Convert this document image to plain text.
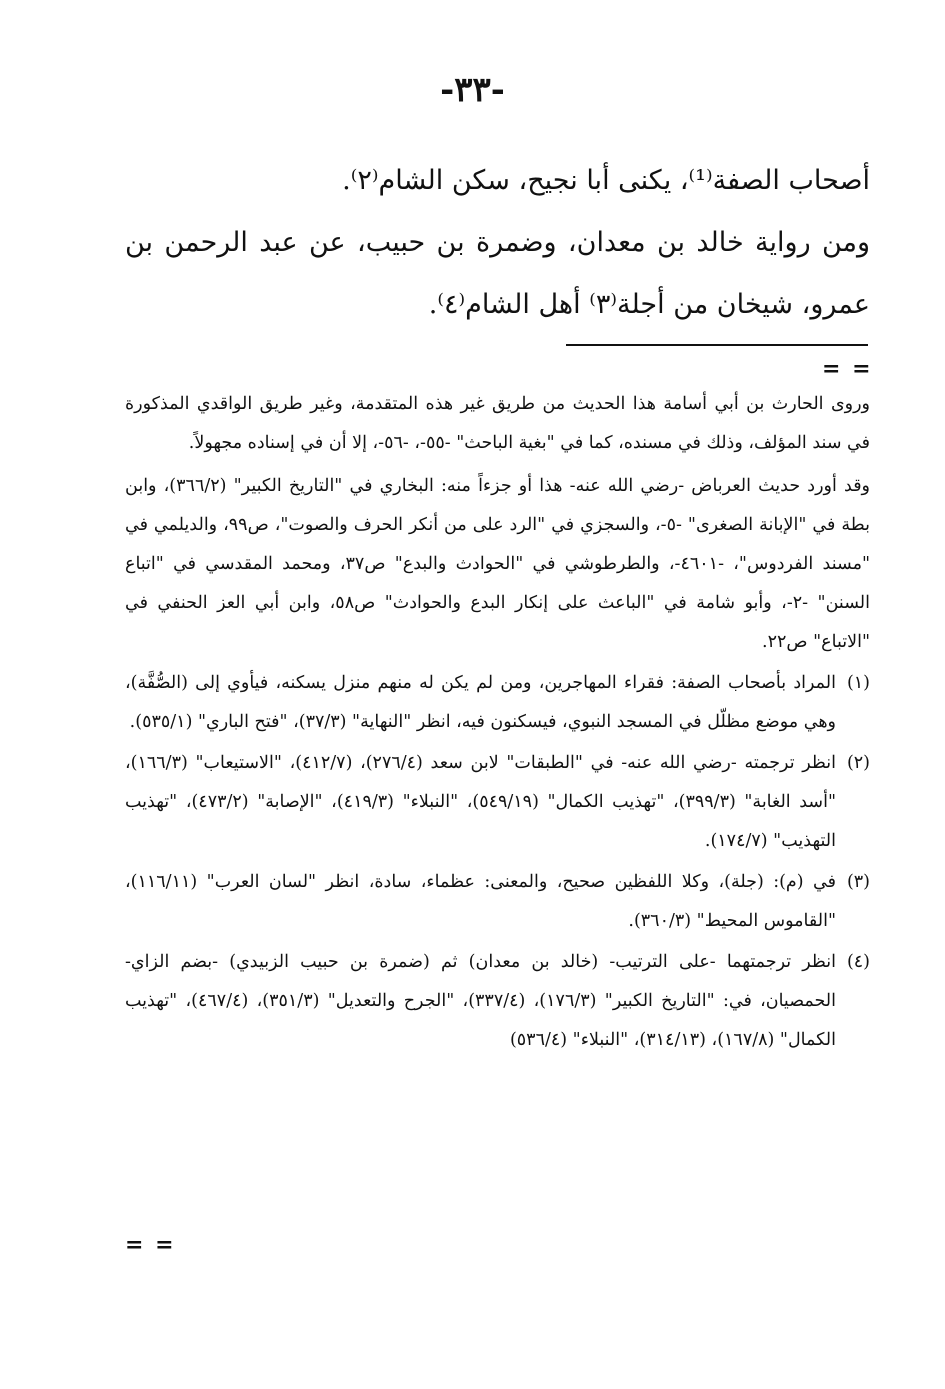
-٣٣-

أصحاب الصفة⁽¹⁾، يكنى أبا نجيح، سكن الشام⁽٢⁾.

ومن رواية خالد بن معدان، وضمرة بن حبيب، عن عبد الرحمن بن عمرو، شيخان من أجلة⁽٣⁾ أهل الشام⁽٤⁾.

= =

وروى الحارث بن أبي أسامة هذا الحديث من طريق غير هذه المتقدمة، وغير طريق الواقدي المذكورة في سند المؤلف، وذلك في مسنده، كما في "بغية الباحث" -٥٥-، -٥٦-، إلا أن في إسناده مجهولاً.

وقد أورد حديث العرباض -رضي الله عنه- هذا أو جزءاً منه: البخاري في "التاريخ الكبير" (٣٦٦/٢)، وابن بطة في "الإبانة الصغرى" -٥-، والسجزي في "الرد على من أنكر الحرف والصوت"، ص٩٩، والديلمي في "مسند الفردوس"، -٤٦٠١-، والطرطوشي في "الحوادث والبدع" ص٣٧، ومحمد المقدسي في "اتباع السنن" -٢-، وأبو شامة في "الباعث على إنكار البدع والحوادث" ص٥٨، وابن أبي العز الحنفي في "الاتباع" ص٢٢.

(١)
المراد بأصحاب الصفة: فقراء المهاجرين، ومن لم يكن له منهم منزل يسكنه، فيأوي إلى (الصُّفَّة)، وهي موضع مظلّل في المسجد النبوي، فيسكنون فيه، انظر "النهاية" (٣٧/٣)، "فتح الباري" (٥٣٥/١).

(٢)
انظر ترجمته -رضي الله عنه- في "الطبقات" لابن سعد (٢٧٦/٤)، (٤١٢/٧)، "الاستيعاب" (١٦٦/٣)، "أسد الغابة" (٣٩٩/٣)، "تهذيب الكمال" (٥٤٩/١٩)، "النبلاء" (٤١٩/٣)، "الإصابة" (٤٧٣/٢)، "تهذيب التهذيب" (١٧٤/٧).

(٣)
في (م): (جلة)، وكلا اللفظين صحيح، والمعنى: عظماء، سادة، انظر "لسان العرب" (١١٦/١١)، "القاموس المحيط" (٣٦٠/٣).

(٤)
انظر ترجمتهما -على الترتيب- (خالد بن معدان) ثم (ضمرة بن حبيب الزبيدي) -بضم الزاي- الحمصيان، في: "التاريخ الكبير" (١٧٦/٣)، (٣٣٧/٤)، "الجرح والتعديل" (٣٥١/٣)، (٤٦٧/٤)، "تهذيب الكمال" (١٦٧/٨)، (٣١٤/١٣)، "النبلاء" (٥٣٦/٤)

= =
